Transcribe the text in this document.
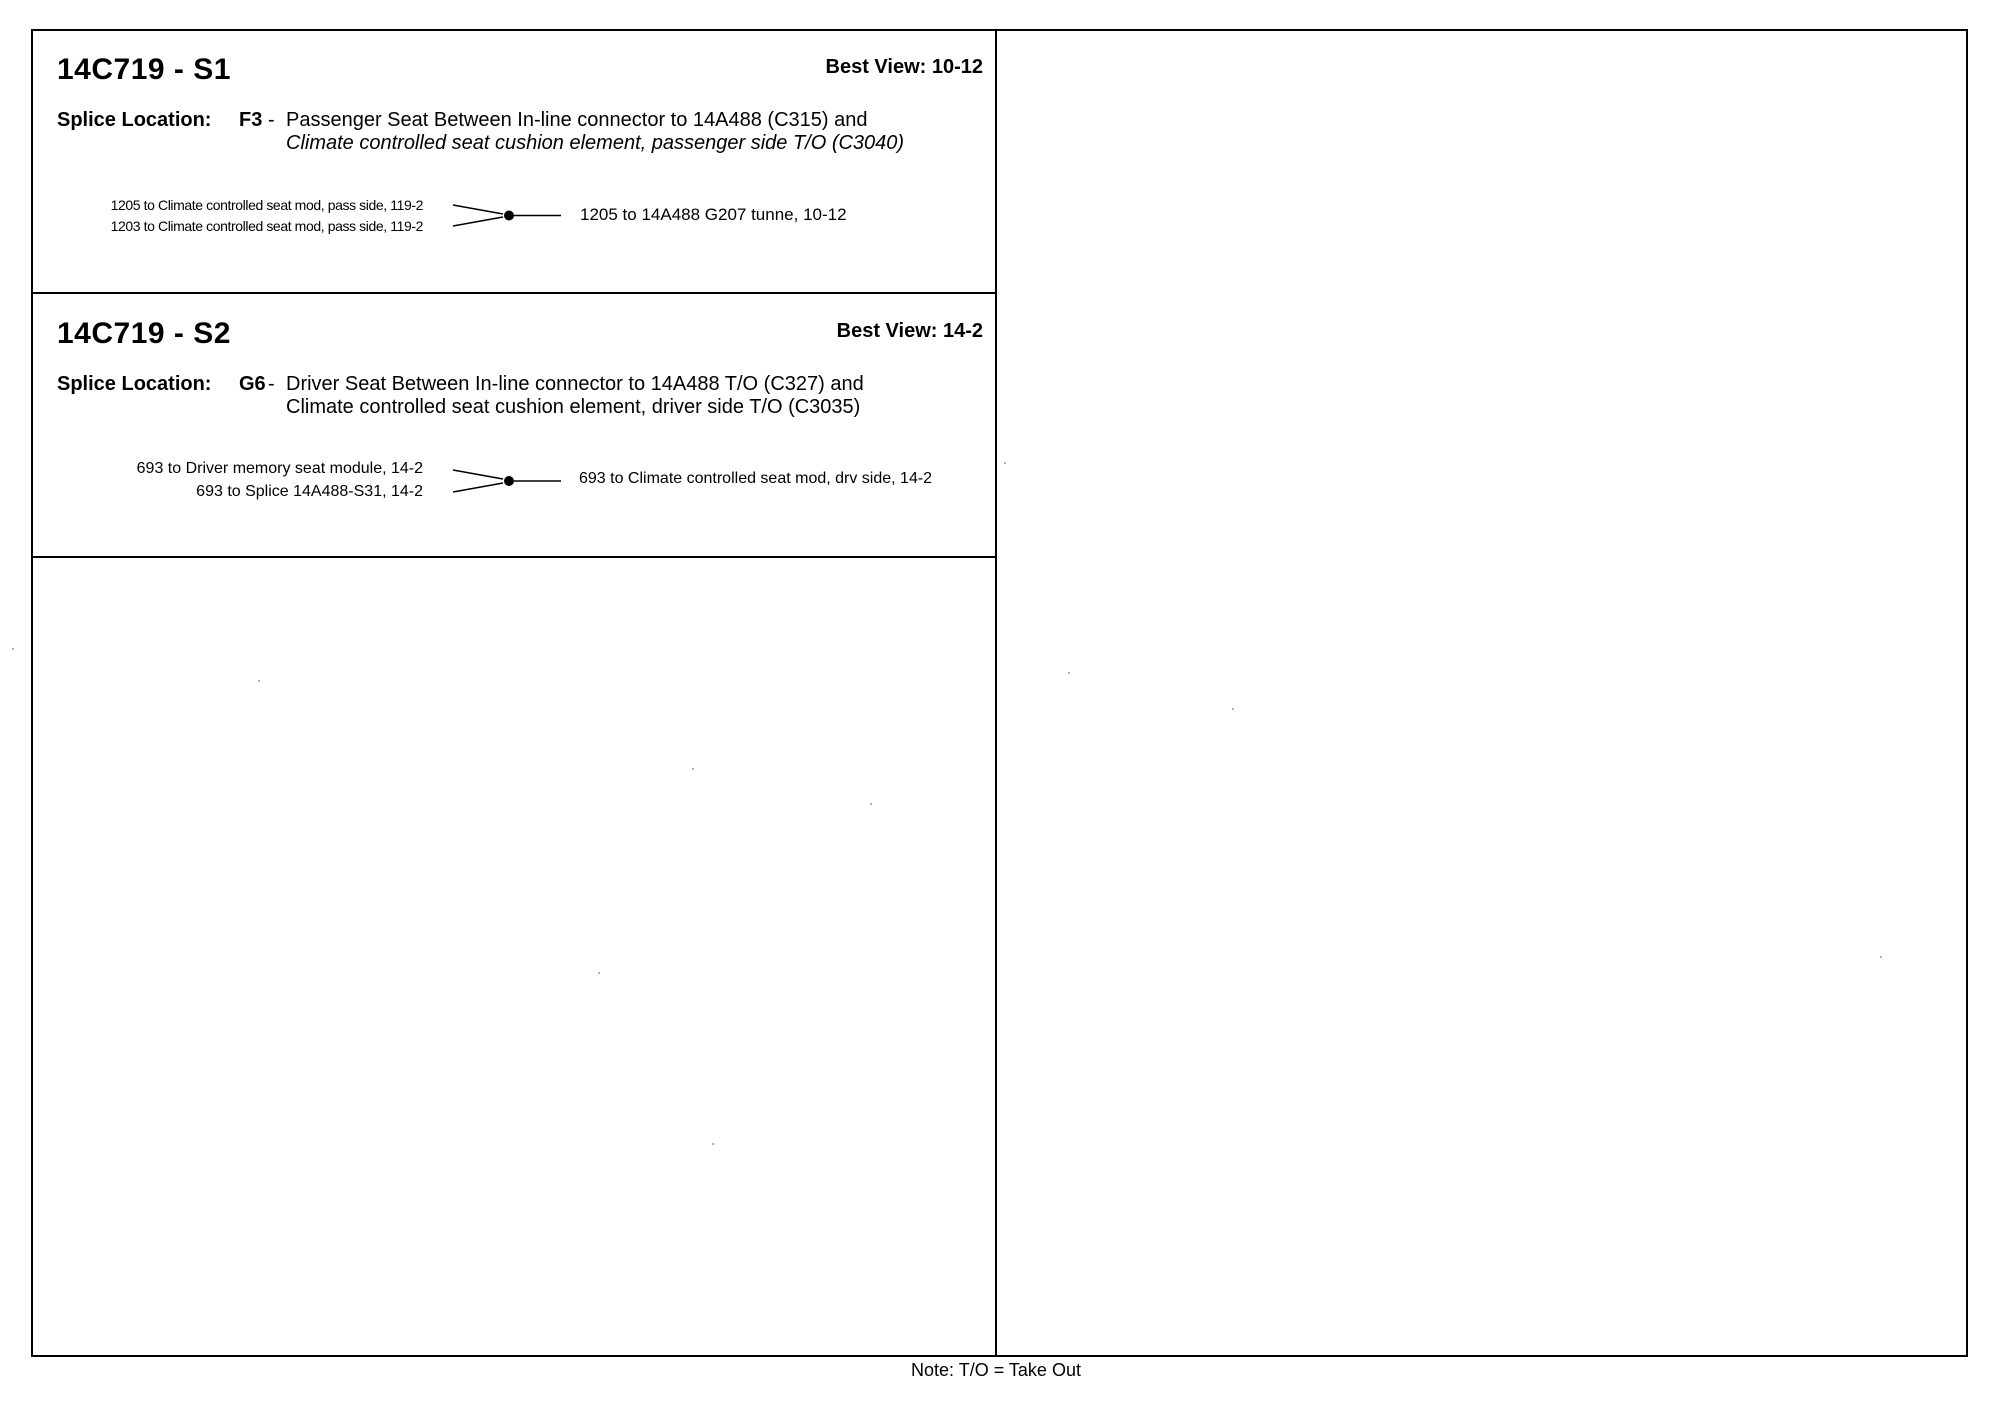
14C719 - S1	Best View: 10-12
Splice Location: F3 - Passenger Seat Between In-line connector to 14A488 (C315) and
Climate controlled seat cushion element, passenger side T/O (C3040)
1205 to Climate controlled seat mod, pass side, 119-2
1203 to Climate controlled seat mod, pass side, 119-2
1205 to 14A488 G207 tunne, 10-12
14C719 - S2	Best View: 14-2
Splice Location: G6 - Driver Seat Between In-line connector to 14A488 T/O (C327) and
Climate controlled seat cushion element, driver side T/O (C3035)
693 to Driver memory seat module, 14-2
693 to Splice 14A488-S31, 14-2
693 to Climate controlled seat mod, drv side, 14-2
Note: T/O = Take Out
